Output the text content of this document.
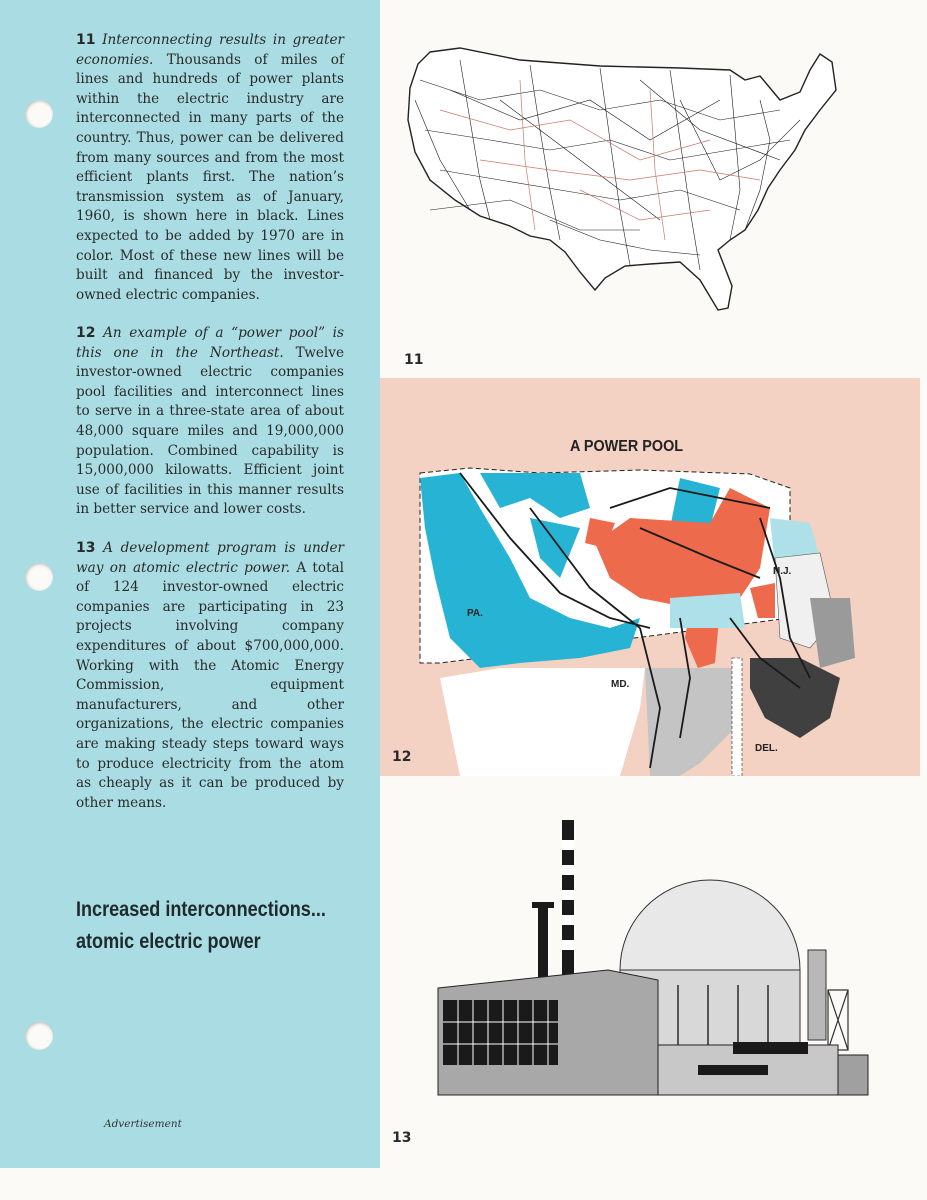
11 Interconnecting results in greater economies. Thousands of miles of lines and hundreds of power plants within the electric industry are interconnected in many parts of the country. Thus, power can be delivered from many sources and from the most efficient plants first. The nation’s transmission system as of January, 1960, is shown here in black. Lines expected to be added by 1970 are in color. Most of these new lines will be built and financed by the investor-owned electric companies.
12 An example of a “power pool” is this one in the Northeast. Twelve investor-owned electric companies pool facilities and interconnect lines to serve in a three-state area of about 48,000 square miles and 19,000,000 population. Combined capability is 15,000,000 kilowatts. Efficient joint use of facilities in this manner results in better service and lower costs.
13 A development program is under way on atomic electric power. A total of 124 investor-owned electric companies are participating in 23 projects involving company expenditures of about $700,000,000. Working with the Atomic Energy Commission, equipment manufacturers, and other organizations, the electric companies are making steady steps toward ways to produce electricity from the atom as cheaply as it can be produced by other means.
Increased interconnections...
atomic electric power
Advertisement
11
A POWER POOL
PA.
N.J.
MD.
DEL.
12
13
